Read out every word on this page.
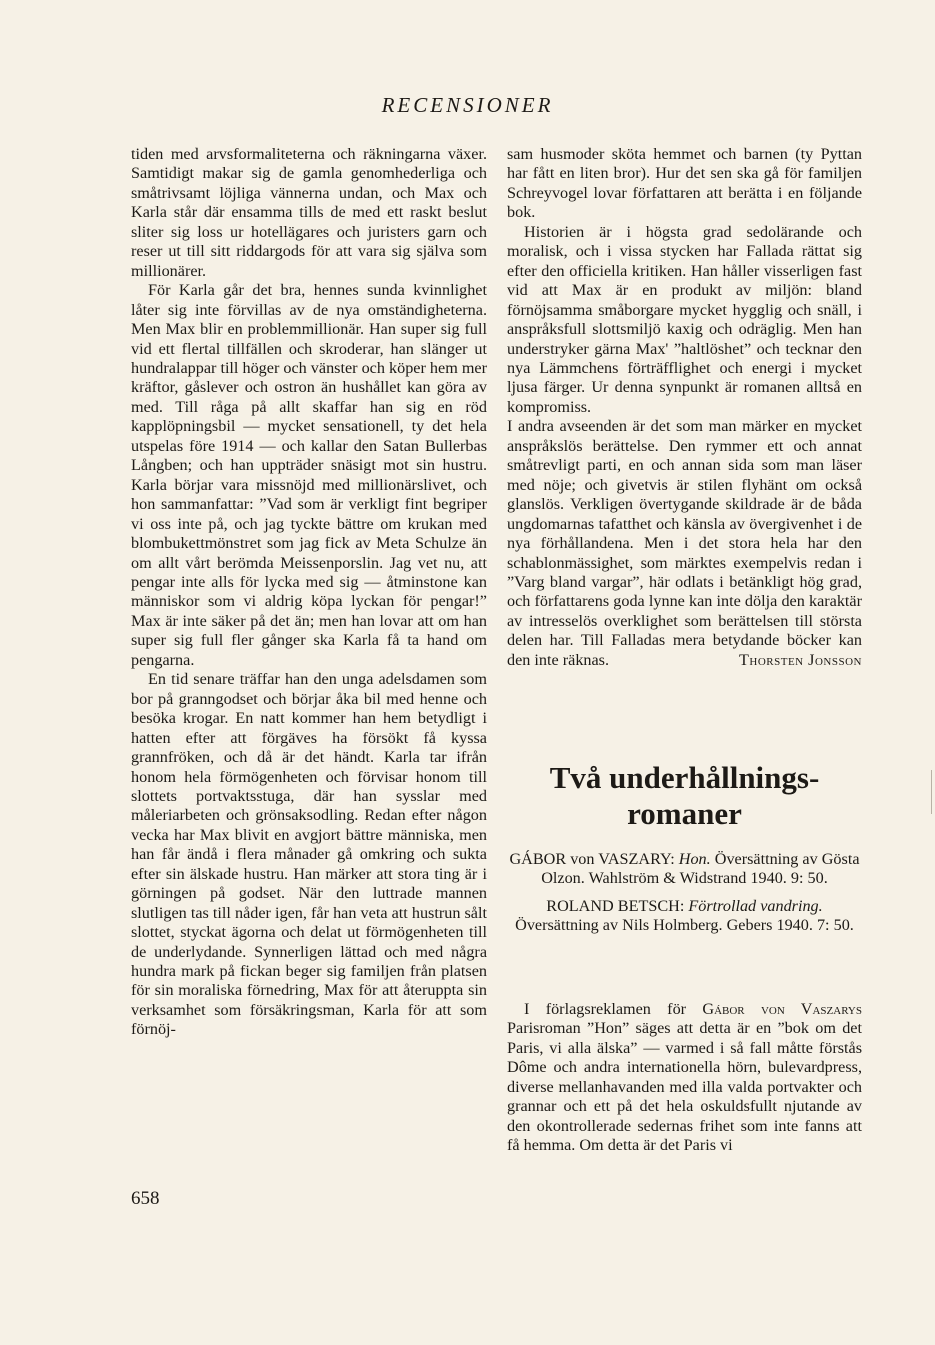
RECENSIONER

tiden med arvsformaliteterna och räkningarna växer. Samtidigt makar sig de gamla genomhederliga och småtrivsamt löjliga vännerna undan, och Max och Karla står där ensamma tills de med ett raskt beslut sliter sig loss ur hotellägares och juristers garn och reser ut till sitt riddargods för att vara sig själva som millionärer.

För Karla går det bra, hennes sunda kvinnlighet låter sig inte förvillas av de nya omständigheterna. Men Max blir en problemmillionär. Han super sig full vid ett flertal tillfällen och skroderar, han slänger ut hundralappar till höger och vänster och köper hem mer kräftor, gåslever och ostron än hushållet kan göra av med. Till råga på allt skaffar han sig en röd kapplöpningsbil — mycket sensationell, ty det hela utspelas före 1914 — och kallar den Satan Bullerbas Långben; och han uppträder snäsigt mot sin hustru. Karla börjar vara missnöjd med millionärslivet, och hon sammanfattar: ”Vad som är verkligt fint begriper vi oss inte på, och jag tyckte bättre om krukan med blombukettmönstret som jag fick av Meta Schulze än om allt vårt berömda Meissenporslin. Jag vet nu, att pengar inte alls för lycka med sig — åtminstone kan människor som vi aldrig köpa lyckan för pengar!” Max är inte säker på det än; men han lovar att om han super sig full fler gånger ska Karla få ta hand om pengarna.

En tid senare träffar han den unga adelsdamen som bor på granngodset och börjar åka bil med henne och besöka krogar. En natt kommer han hem betydligt i hatten efter att förgäves ha försökt få kyssa grannfröken, och då är det händt. Karla tar ifrån honom hela förmögenheten och förvisar honom till slottets portvaktsstuga, där han sysslar med måleriarbeten och grönsaksodling. Redan efter någon vecka har Max blivit en avgjort bättre människa, men han får ändå i flera månader gå omkring och sukta efter sin älskade hustru. Han märker att stora ting är i görningen på godset. När den luttrade mannen slutligen tas till nåder igen, får han veta att hustrun sålt slottet, styckat ägorna och delat ut förmögenheten till de underlydande. Synnerligen lättad och med några hundra mark på fickan beger sig familjen från platsen för sin moraliska förnedring, Max för att återuppta sin verksamhet som försäkringsman, Karla för att som förnöj-

sam husmoder sköta hemmet och barnen (ty Pyttan har fått en liten bror). Hur det sen ska gå för familjen Schreyvogel lovar författaren att berätta i en följande bok.

Historien är i högsta grad sedolärande och moralisk, och i vissa stycken har Fallada rättat sig efter den officiella kritiken. Han håller visserligen fast vid att Max är en produkt av miljön: bland förnöjsamma småborgare mycket hygglig och snäll, i anspråksfull slottsmiljö kaxig och odräglig. Men han understryker gärna Max' ”haltlöshet” och tecknar den nya Lämmchens förträfflighet och energi i mycket ljusa färger. Ur denna synpunkt är romanen alltså en kompromiss.

I andra avseenden är det som man märker en mycket anspråkslös berättelse. Den rymmer ett och annat småtrevligt parti, en och annan sida som man läser med nöje; och givetvis är stilen flyhänt om också glanslös. Verkligen övertygande skildrade är de båda ungdomarnas tafatthet och känsla av övergivenhet i de nya förhållandena. Men i det stora hela har den schablonmässighet, som märktes exempelvis redan i ”Varg bland vargar”, här odlats i betänkligt hög grad, och författarens goda lynne kan inte dölja den karaktär av intresselös overklighet som berättelsen till största delen har. Till Falladas mera betydande böcker kan den inte räknas.	Thorsten Jonsson
Två underhållnings-
romaner

GÁBOR von VASZARY: Hon. Översättning av Gösta Olzon. Wahlström & Widstrand 1940. 9: 50.

ROLAND BETSCH: Förtrollad vandring. Översättning av Nils Holmberg. Gebers 1940. 7: 50.

I förlagsreklamen för Gábor von Vaszarys Parisroman ”Hon” säges att detta är en ”bok om det Paris, vi alla älska” — varmed i så fall måtte förstås Dôme och andra internationella hörn, bulevardpress, diverse mellanhavanden med illa valda portvakter och grannar och ett på det hela oskuldsfullt njutande av den okontrollerade sedernas frihet som inte fanns att få hemma. Om detta är det Paris vi

658
